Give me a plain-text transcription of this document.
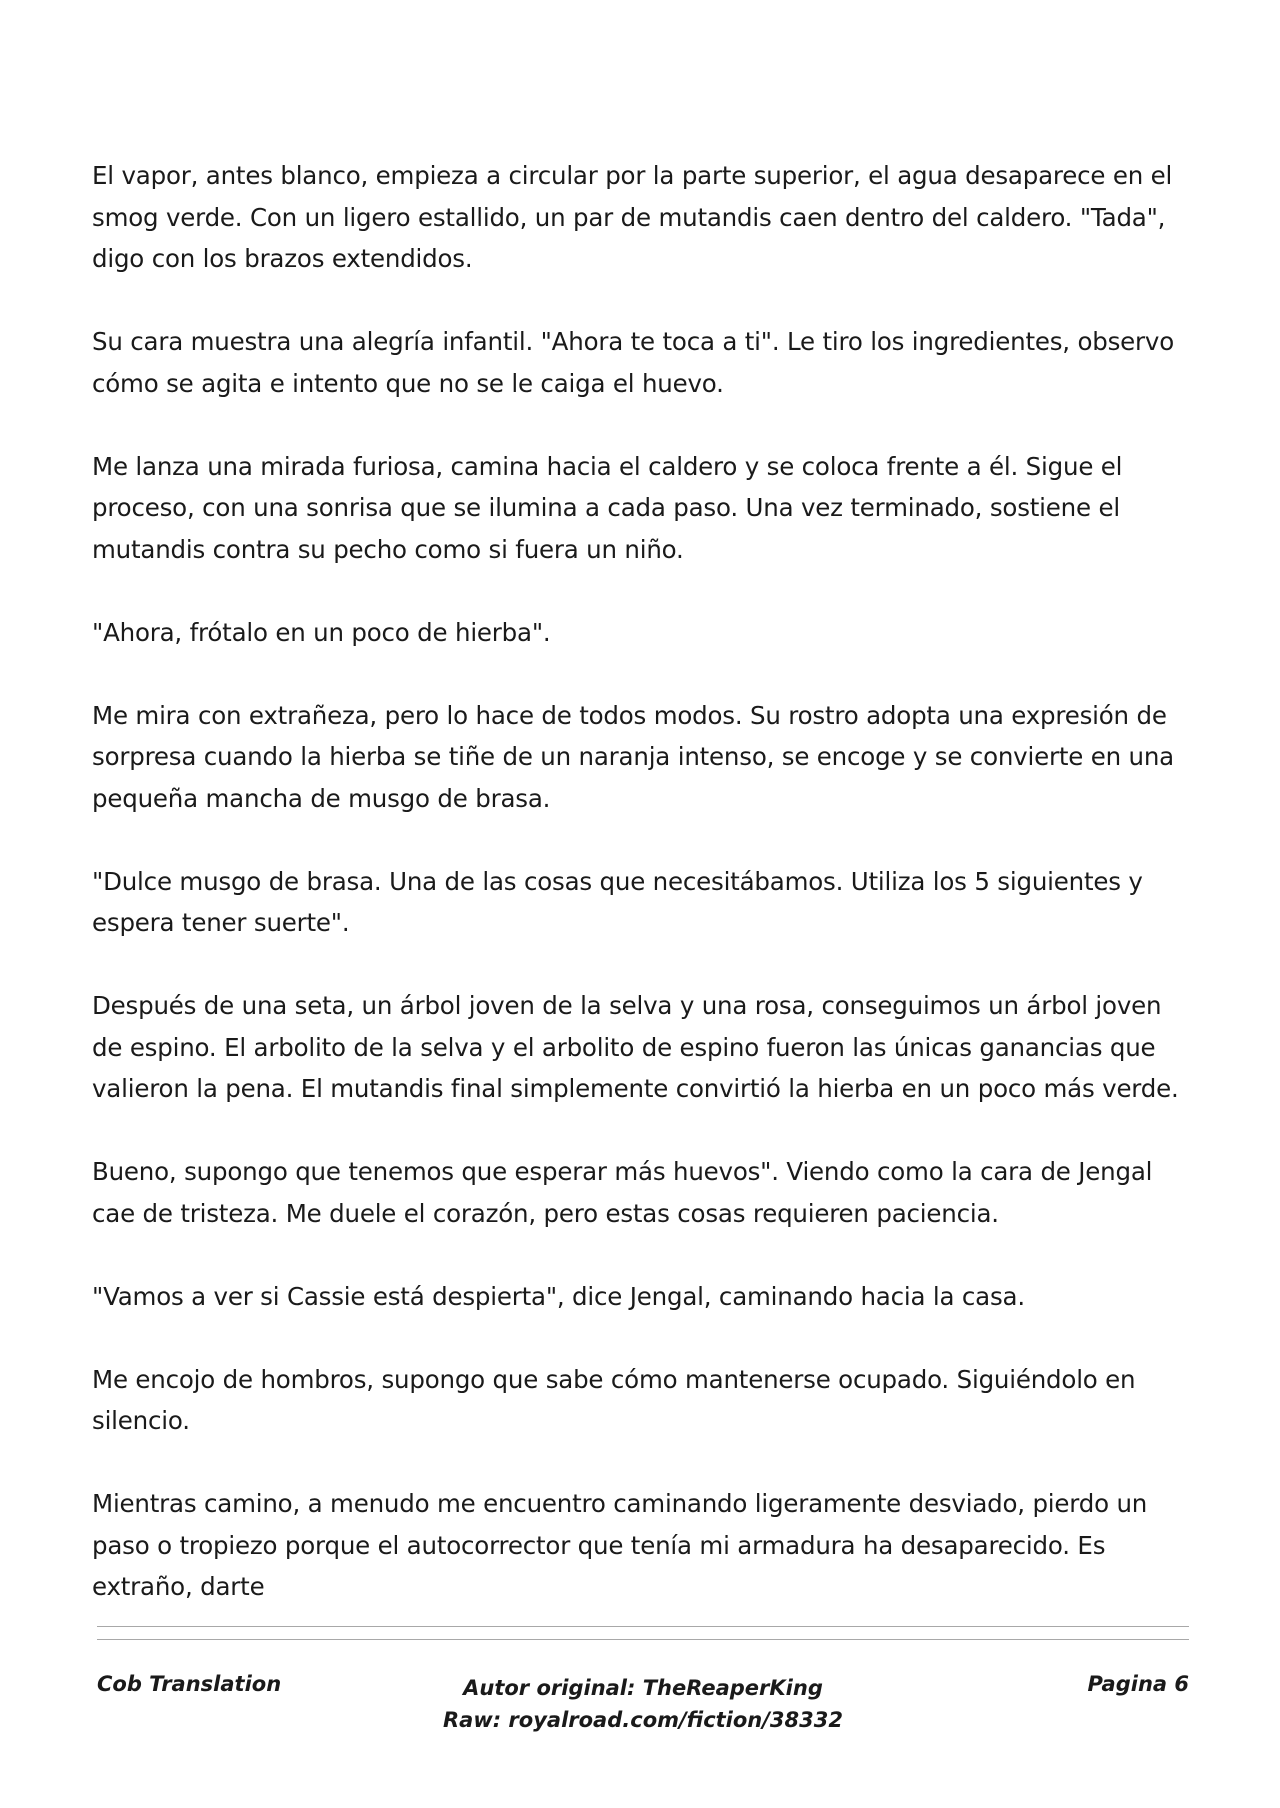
El vapor, antes blanco, empieza a circular por la parte superior, el agua desaparece en el smog verde. Con un ligero estallido, un par de mutandis caen dentro del caldero. "Tada", digo con los brazos extendidos.

Su cara muestra una alegría infantil. "Ahora te toca a ti". Le tiro los ingredientes, observo cómo se agita e intento que no se le caiga el huevo.

Me lanza una mirada furiosa, camina hacia el caldero y se coloca frente a él. Sigue el proceso, con una sonrisa que se ilumina a cada paso. Una vez terminado, sostiene el mutandis contra su pecho como si fuera un niño.

"Ahora, frótalo en un poco de hierba".

Me mira con extrañeza, pero lo hace de todos modos. Su rostro adopta una expresión de sorpresa cuando la hierba se tiñe de un naranja intenso, se encoge y se convierte en una pequeña mancha de musgo de brasa.

"Dulce musgo de brasa. Una de las cosas que necesitábamos. Utiliza los 5 siguientes y espera tener suerte".

Después de una seta, un árbol joven de la selva y una rosa, conseguimos un árbol joven de espino. El arbolito de la selva y el arbolito de espino fueron las únicas ganancias que valieron la pena. El mutandis final simplemente convirtió la hierba en un poco más verde.

Bueno, supongo que tenemos que esperar más huevos". Viendo como la cara de Jengal cae de tristeza. Me duele el corazón, pero estas cosas requieren paciencia.

"Vamos a ver si Cassie está despierta", dice Jengal, caminando hacia la casa.

Me encojo de hombros, supongo que sabe cómo mantenerse ocupado. Siguiéndolo en silencio.

Mientras camino, a menudo me encuentro caminando ligeramente desviado, pierdo un paso o tropiezo porque el autocorrector que tenía mi armadura ha desaparecido. Es extraño, darte

Cob Translation	Autor original: TheReaperKing
Raw: royalroad.com/fiction/38332
Pagina 6
